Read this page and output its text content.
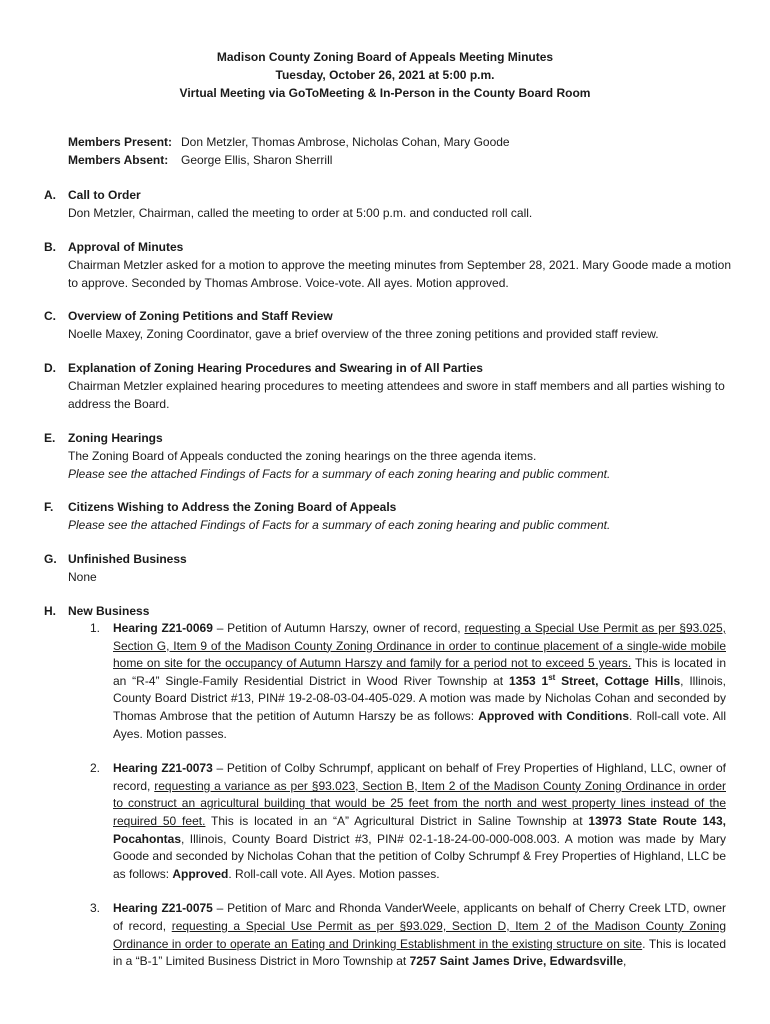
Madison County Zoning Board of Appeals Meeting Minutes
Tuesday, October 26, 2021 at 5:00 p.m.
Virtual Meeting via GoToMeeting & In-Person in the County Board Room
Members Present: Don Metzler, Thomas Ambrose, Nicholas Cohan, Mary Goode
Members Absent:	George Ellis, Sharon Sherrill
A. Call to Order
Don Metzler, Chairman, called the meeting to order at 5:00 p.m. and conducted roll call.
B. Approval of Minutes
Chairman Metzler asked for a motion to approve the meeting minutes from September 28, 2021. Mary Goode made a motion to approve. Seconded by Thomas Ambrose. Voice-vote. All ayes. Motion approved.
C. Overview of Zoning Petitions and Staff Review
Noelle Maxey, Zoning Coordinator, gave a brief overview of the three zoning petitions and provided staff review.
D. Explanation of Zoning Hearing Procedures and Swearing in of All Parties
Chairman Metzler explained hearing procedures to meeting attendees and swore in staff members and all parties wishing to address the Board.
E. Zoning Hearings
The Zoning Board of Appeals conducted the zoning hearings on the three agenda items.
Please see the attached Findings of Facts for a summary of each zoning hearing and public comment.
F. Citizens Wishing to Address the Zoning Board of Appeals
Please see the attached Findings of Facts for a summary of each zoning hearing and public comment.
G. Unfinished Business
None
H. New Business
1. Hearing Z21-0069 – Petition of Autumn Harszy, owner of record, requesting a Special Use Permit as per §93.025, Section G, Item 9 of the Madison County Zoning Ordinance in order to continue placement of a single-wide mobile home on site for the occupancy of Autumn Harszy and family for a period not to exceed 5 years. This is located in an “R-4” Single-Family Residential District in Wood River Township at 1353 1st Street, Cottage Hills, Illinois, County Board District #13, PIN# 19-2-08-03-04-405-029. A motion was made by Nicholas Cohan and seconded by Thomas Ambrose that the petition of Autumn Harszy be as follows: Approved with Conditions. Roll-call vote. All Ayes. Motion passes.
2. Hearing Z21-0073 – Petition of Colby Schrumpf, applicant on behalf of Frey Properties of Highland, LLC, owner of record, requesting a variance as per §93.023, Section B, Item 2 of the Madison County Zoning Ordinance in order to construct an agricultural building that would be 25 feet from the north and west property lines instead of the required 50 feet. This is located in an “A” Agricultural District in Saline Township at 13973 State Route 143, Pocahontas, Illinois, County Board District #3, PIN# 02-1-18-24-00-000-008.003. A motion was made by Mary Goode and seconded by Nicholas Cohan that the petition of Colby Schrumpf & Frey Properties of Highland, LLC be as follows: Approved. Roll-call vote. All Ayes. Motion passes.
3. Hearing Z21-0075 – Petition of Marc and Rhonda VanderWeele, applicants on behalf of Cherry Creek LTD, owner of record, requesting a Special Use Permit as per §93.029, Section D, Item 2 of the Madison County Zoning Ordinance in order to operate an Eating and Drinking Establishment in the existing structure on site. This is located in a “B-1” Limited Business District in Moro Township at 7257 Saint James Drive, Edwardsville,
